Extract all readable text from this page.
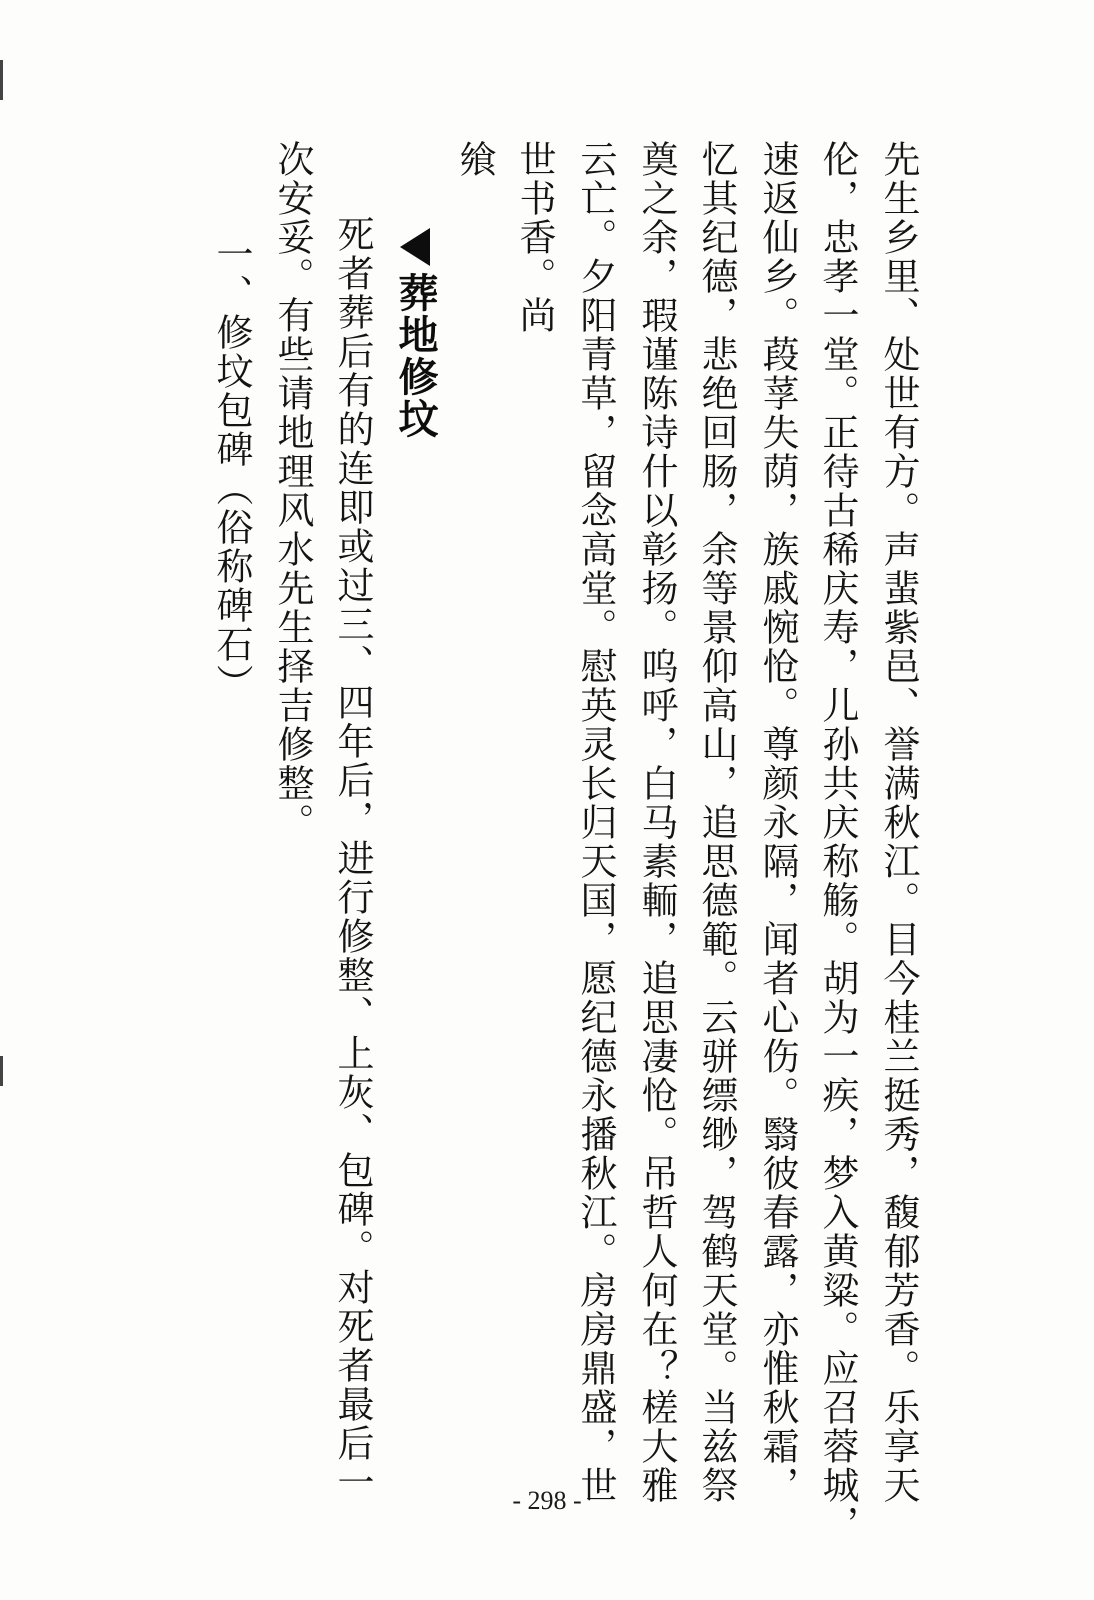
先生乡里、处世有方。声蜚紫邑、誉满秋江。目今桂兰挺秀，馥郁芳香。乐享天
伦，忠孝一堂。正待古稀庆寿，儿孙共庆称觞。胡为一疾，梦入黄粱。应召蓉城，
速返仙乡。葮莩失荫，族戚惋怆。尊颜永隔，闻者心伤。翳彼春露，亦惟秋霜，
忆其纪德，悲绝回肠，余等景仰高山，追思德範。云骈缥缈，驾鹤天堂。当兹祭
奠之余，瑕谨陈诗什以彰扬。呜呼，白马素輀，追思凄怆。吊哲人何在？槎大雅
云亡。夕阳青草，留念高堂。慰英灵长归天国，愿纪德永播秋江。房房鼎盛，世
世书香。尚
飨
葬地修坟
死者葬后有的连即或过三、四年后，进行修整、上灰、包碑。对死者最后一
次安妥。有些请地理风水先生择吉修整。
一、修坟包碑（俗称碑石）
- 298 -
